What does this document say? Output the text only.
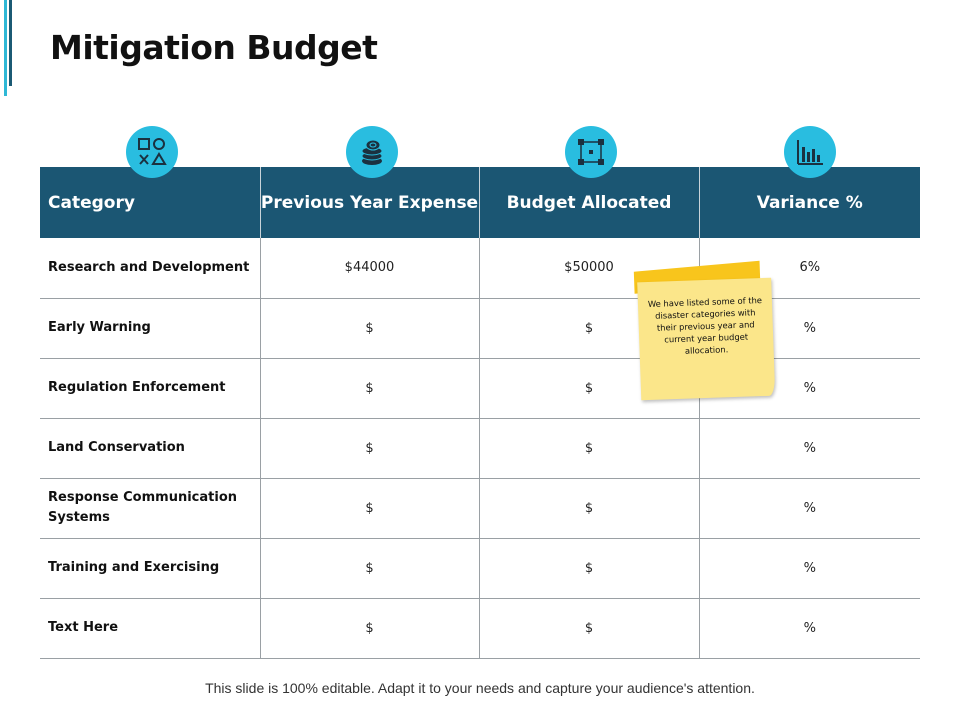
Mitigation Budget
Category	Previous Year Expense	Budget Allocated	Variance %
Research and Development	$44000	$50000	6%
Early Warning	$	$	%
Regulation Enforcement	$	$	%
Land Conservation	$	$	%
Response Communication Systems	$	$	%
Training and Exercising	$	$	%
Text Here	$	$	%
We have listed some of the disaster categories with their previous year and current year budget allocation.
This slide is 100% editable. Adapt it to your needs and capture your audience's attention.
